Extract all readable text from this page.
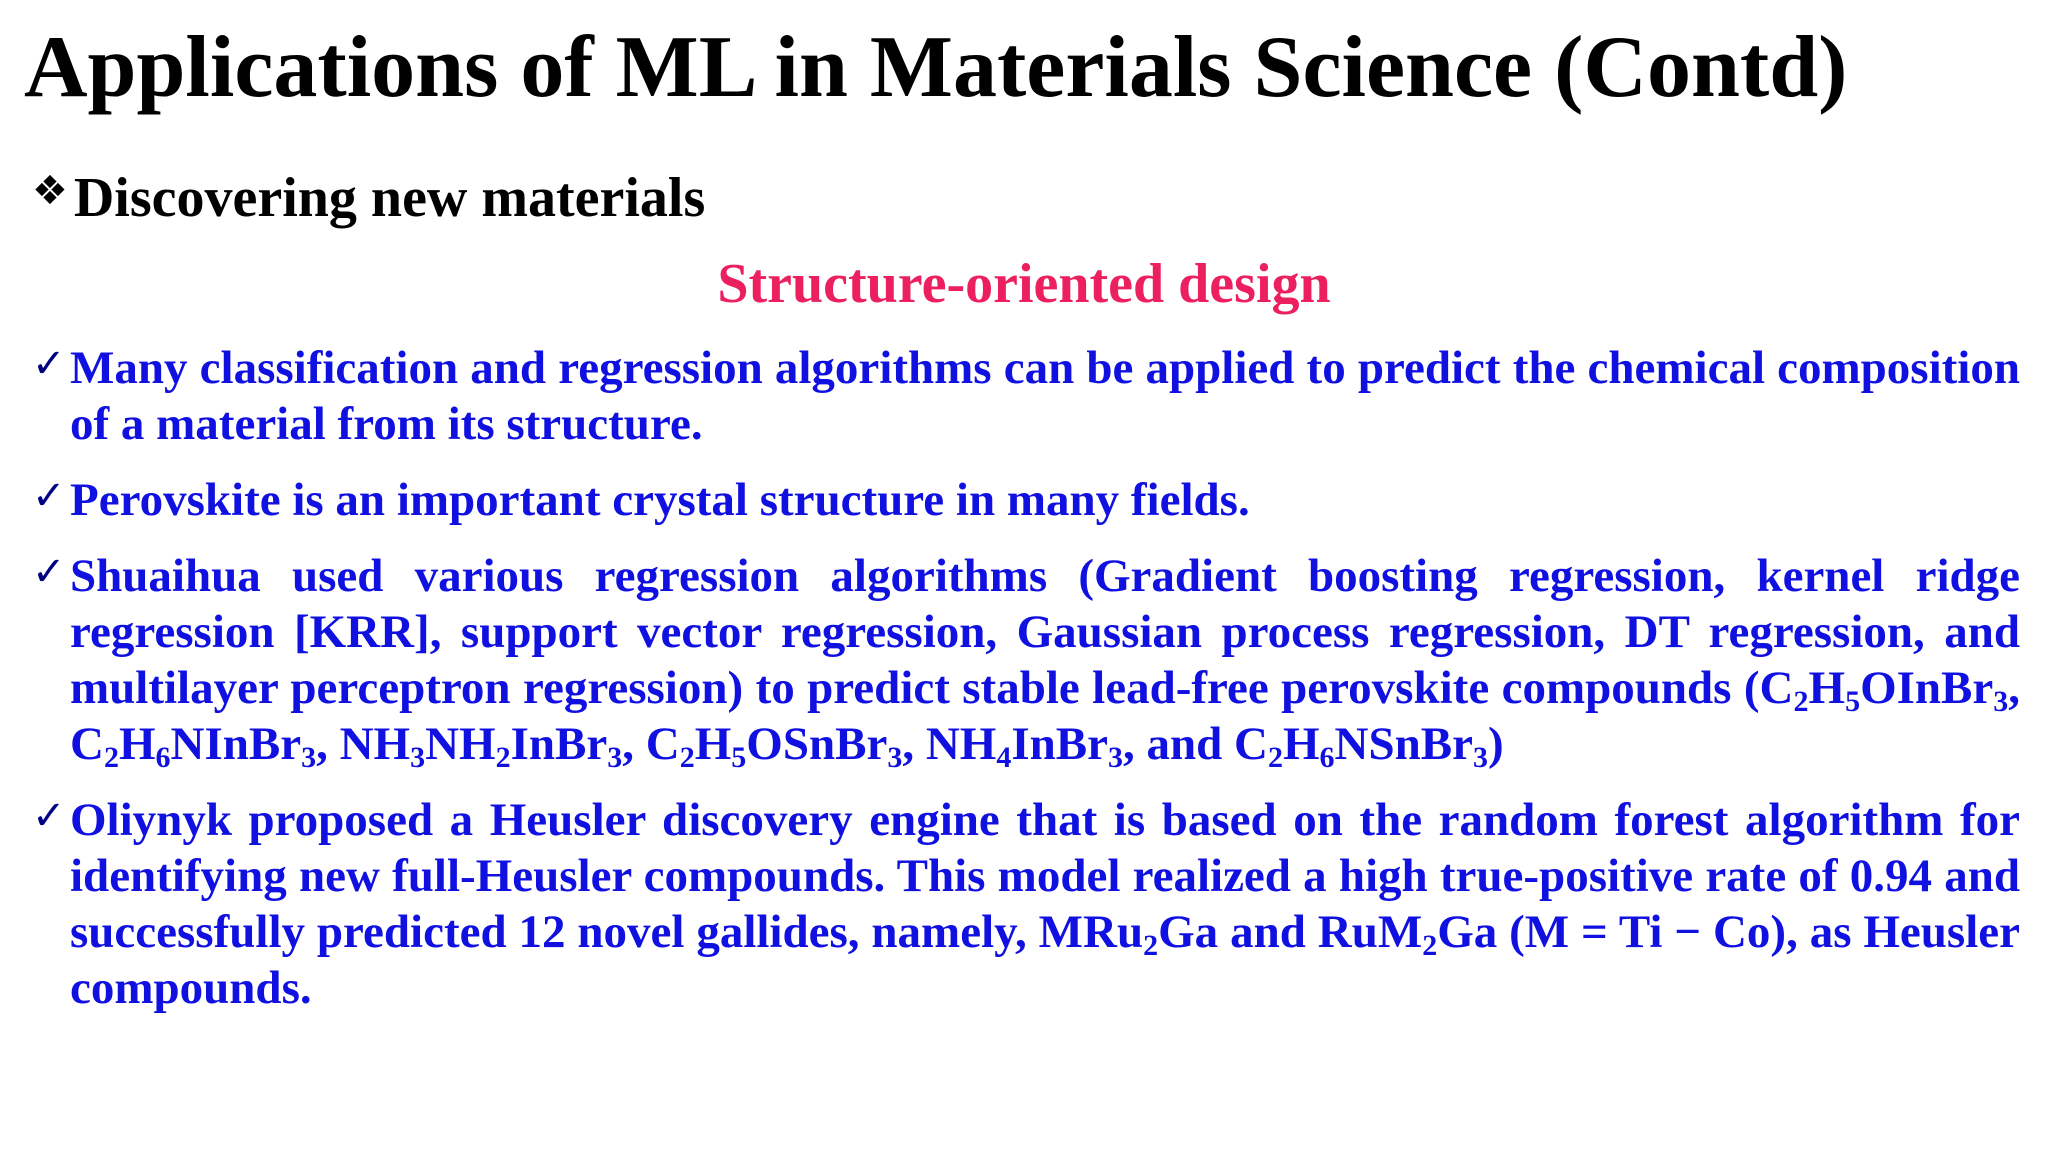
Applications of ML in Materials Science (Contd)
❖ Discovering new materials
Structure-oriented design
✓ Many classification and regression algorithms can be applied to predict the chemical composition of a material from its structure.
✓ Perovskite is an important crystal structure in many fields.
✓ Shuaihua used various regression algorithms (Gradient boosting regression, kernel ridge regression [KRR], support vector regression, Gaussian process regression, DT regression, and multilayer perceptron regression) to predict stable lead-free perovskite compounds ($C_2H_5OInBr_3$, $C_2H_6NInBr_3$, $NH_3NH_2InBr_3$, $C_2H_5OSnBr_3$, $NH_4InBr_3$, and $C_2H_6NSnBr_3$)
✓ Oliynyk proposed a Heusler discovery engine that is based on the random forest algorithm for identifying new full-Heusler compounds. This model realized a high true-positive rate of 0.94 and successfully predicted 12 novel gallides, namely, MRu$_2$Ga and RuM$_2$Ga (M = Ti − Co), as Heusler compounds.
